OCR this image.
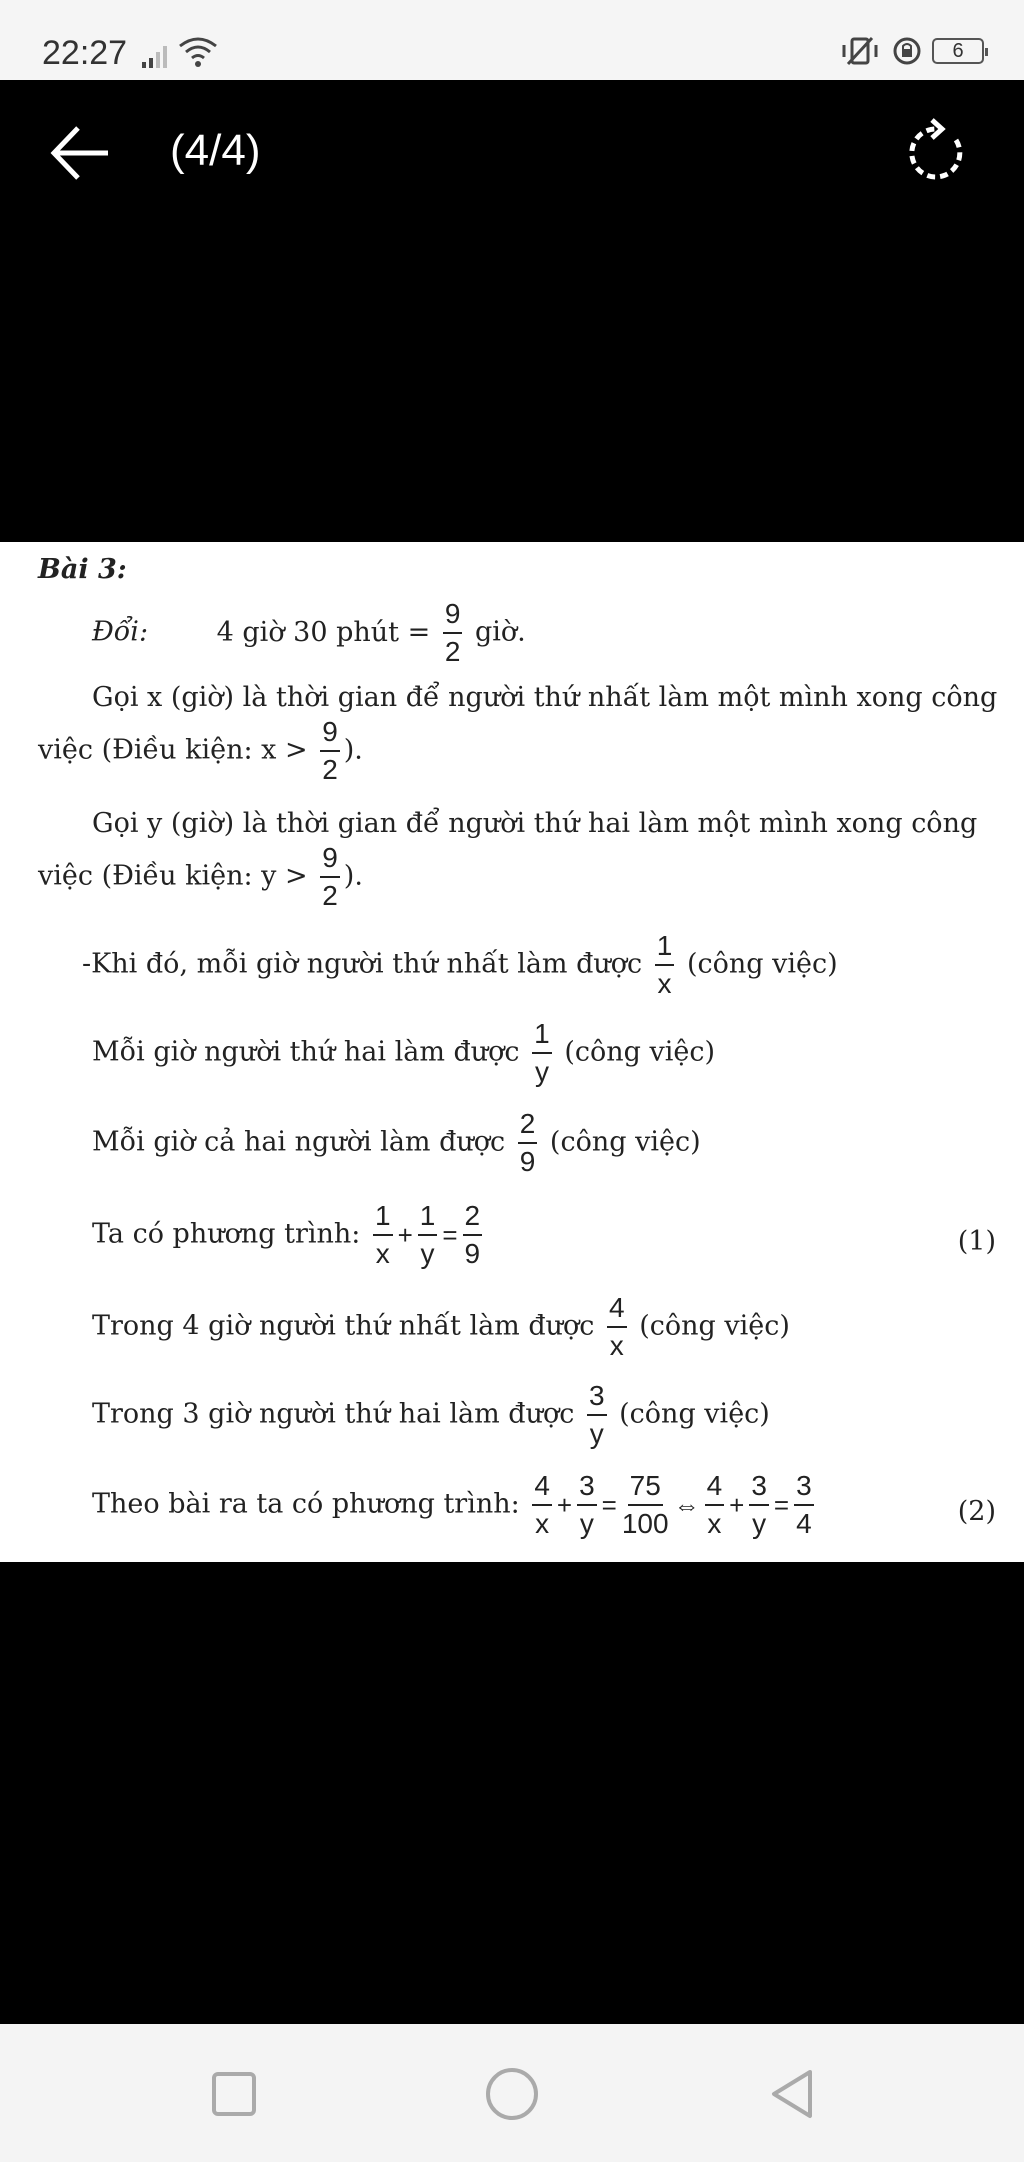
22:27	6
(4/4)
Bài 3:
Đổi:	4 giờ 30 phút = $\frac{9}{2}$ giờ.
Gọi x (giờ) là thời gian để người thứ nhất làm một mình xong công
việc (Điều kiện: $x > \frac{9}{2}$ ).
Gọi y (giờ) là thời gian để người thứ hai làm một mình xong công
việc (Điều kiện: $y > \frac{9}{2}$ ).
-Khi đó, mỗi giờ người thứ nhất làm được $\frac{1}{x}$ (công việc)
Mỗi giờ người thứ hai làm được $\frac{1}{y}$ (công việc)
Mỗi giờ cả hai người làm được $\frac{2}{9}$ (công việc)
Ta có phương trình: $\frac{1}{x} + \frac{1}{y} = \frac{2}{9}$	(1)
Trong 4 giờ người thứ nhất làm được $\frac{4}{x}$ (công việc)
Trong 3 giờ người thứ hai làm được $\frac{3}{y}$ (công việc)
Theo bài ra ta có phương trình: $\frac{4}{x} + \frac{3}{y} = \frac{75}{100}$ ⇔ $\frac{4}{x} + \frac{3}{y} = \frac{3}{4}$	(2)
